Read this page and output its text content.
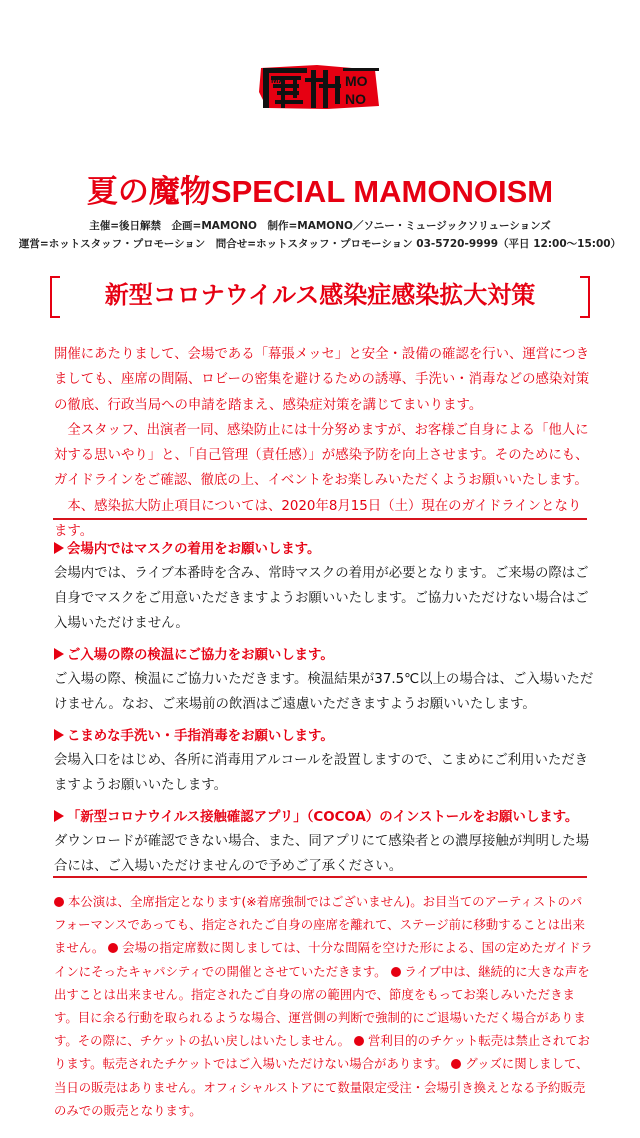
MA	MO
NO
夏の魔物SPECIAL MAMONOISM
主催=後日解禁　企画=MAMONO　制作=MAMONO／ソニー・ミュージックソリューションズ
運営=ホットスタッフ・プロモーション　問合せ=ホットスタッフ・プロモーション 03-5720-9999（平日 12:00～15:00）
新型コロナウイルス感染症感染拡大対策

開催にあたりまして、会場である「幕張メッセ」と安全・設備の確認を行い、運営につきましても、座席の間隔、ロビーの密集を避けるための誘導、手洗い・消毒などの感染対策の徹底、行政当局への申請を踏まえ、感染症対策を講じてまいります。

全スタッフ、出演者一同、感染防止には十分努めますが、お客様ご自身による「他人に対する思いやり」と、「自己管理（責任感）」が感染予防を向上させます。そのためにも、ガイドラインをご確認、徹底の上、イベントをお楽しみいただくようお願いいたします。

本、感染拡大防止項目については、2020年8月15日（土）現在のガイドラインとなります。

会場内ではマスクの着用をお願いします。

会場内では、ライブ本番時を含み、常時マスクの着用が必要となります。ご来場の際はご自身でマスクをご用意いただきますようお願いいたします。ご協力いただけない場合はご入場いただけません。

ご入場の際の検温にご協力をお願いします。

ご入場の際、検温にご協力いただきます。検温結果が37.5℃以上の場合は、ご入場いただけません。なお、ご来場前の飲酒はご遠慮いただきますようお願いいたします。

こまめな手洗い・手指消毒をお願いします。

会場入口をはじめ、各所に消毒用アルコールを設置しますので、こまめにご利用いただきますようお願いいたします。

「新型コロナウイルス接触確認アプリ」（COCOA）のインストールをお願いします。

ダウンロードが確認できない場合、また、同アプリにて感染者との濃厚接触が判明した場合には、ご入場いただけませんので予めご了承ください。

本公演は、全席指定となります(※着席強制ではございません)。お目当てのアーティストのパフォーマンスであっても、指定されたご自身の座席を離れて、ステージ前に移動することは出来ません。 会場の指定席数に関しましては、十分な間隔を空けた形による、国の定めたガイドラインにそったキャパシティでの開催とさせていただきます。 ライブ中は、継続的に大きな声を出すことは出来ません。指定されたご自身の席の範囲内で、節度をもってお楽しみいただきます。目に余る行動を取られるような場合、運営側の判断で強制的にご退場いただく場合があります。その際に、チケットの払い戻しはいたしません。 営利目的のチケット転売は禁止されております。転売されたチケットではご入場いただけない場合があります。 グッズに関しまして、当日の販売はありません。オフィシャルストアにて数量限定受注・会場引き換えとなる予約販売のみでの販売となります。
